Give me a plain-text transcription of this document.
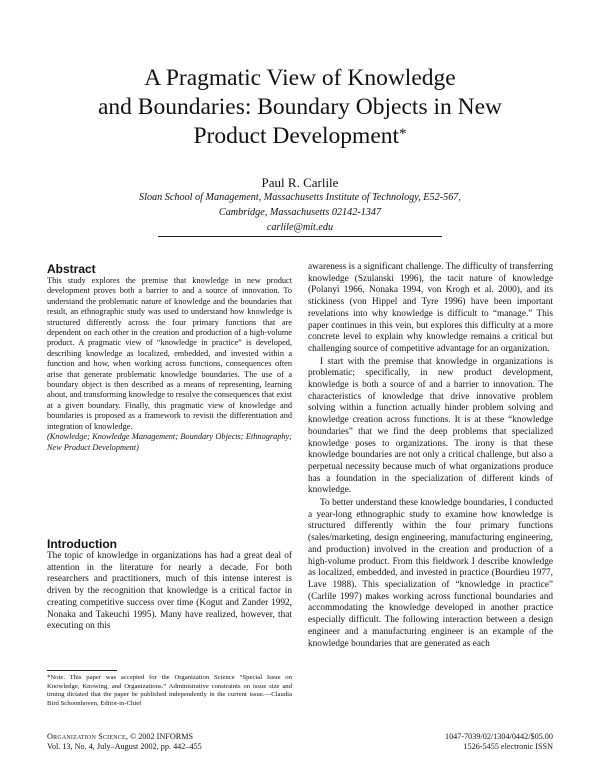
A Pragmatic View of Knowledge
and Boundaries: Boundary Objects in New
Product Development*
Paul R. Carlile
Sloan School of Management, Massachusetts Institute of Technology, E52-567,
Cambridge, Massachusetts 02142-1347
carlile@mit.edu
Abstract

This study explores the premise that knowledge in new product development proves both a barrier to and a source of innovation. To understand the problematic nature of knowledge and the boundaries that result, an ethnographic study was used to understand how knowledge is structured differently across the four primary functions that are dependent on each other in the creation and production of a high-volume product. A pragmatic view of “knowledge in practice” is developed, describing knowledge as localized, embedded, and invested within a function and how, when working across functions, consequences often arise that generate problematic knowledge boundaries. The use of a boundary object is then described as a means of representing, learning about, and transforming knowledge to resolve the consequences that exist at a given boundary. Finally, this pragmatic view of knowledge and boundaries is proposed as a framework to revisit the differentiation and integration of knowledge.

(Knowledge; Knowledge Management; Boundary Objects; Ethnography; New Product Development)

Introduction

The topic of knowledge in organizations has had a great deal of attention in the literature for nearly a decade. For both researchers and practitioners, much of this intense interest is driven by the recognition that knowledge is a critical factor in creating competitive success over time (Kogut and Zander 1992, Nonaka and Takeuchi 1995). Many have realized, however, that executing on this

*Note. This paper was accepted for the Organization Science “Special Issue on Knowledge, Knowing, and Organizations.” Administrative constraints on issue size and timing dictated that the paper be published independently in the current issue.—Claudia Bird Schoonhoven, Editor-in-Chief

awareness is a significant challenge. The difficulty of transferring knowledge (Szulanski 1996), the tacit nature of knowledge (Polanyi 1966, Nonaka 1994, von Krogh et al. 2000), and its stickiness (von Hippel and Tyre 1996) have been important revelations into why knowledge is difficult to “manage.” This paper continues in this vein, but explores this difficulty at a more concrete level to explain why knowledge remains a critical but challenging source of competitive advantage for an organization.

I start with the premise that knowledge in organizations is problematic; specifically, in new product development, knowledge is both a source of and a barrier to innovation. The characteristics of knowledge that drive innovative problem solving within a function actually hinder problem solving and knowledge creation across functions. It is at these “knowledge boundaries” that we find the deep problems that specialized knowledge poses to organizations. The irony is that these knowledge boundaries are not only a critical challenge, but also a perpetual necessity because much of what organizations produce has a foundation in the specialization of different kinds of knowledge.

To better understand these knowledge boundaries, I conducted a year-long ethnographic study to examine how knowledge is structured differently within the four primary functions (sales/marketing, design engineering, manufacturing engineering, and production) involved in the creation and production of a high-volume product. From this fieldwork I describe knowledge as localized, embedded, and invested in practice (Bourdieu 1977, Lave 1988). This specialization of “knowledge in practice” (Carlile 1997) makes working across functional boundaries and accommodating the knowledge developed in another practice especially difficult. The following interaction between a design engineer and a manufacturing engineer is an example of the knowledge boundaries that are generated as each

Organization Science, © 2002 INFORMS
Vol. 13, No. 4, July–August 2002, pp. 442–455
1047-7039/02/1304/0442/$05.00
1526-5455 electronic ISSN
